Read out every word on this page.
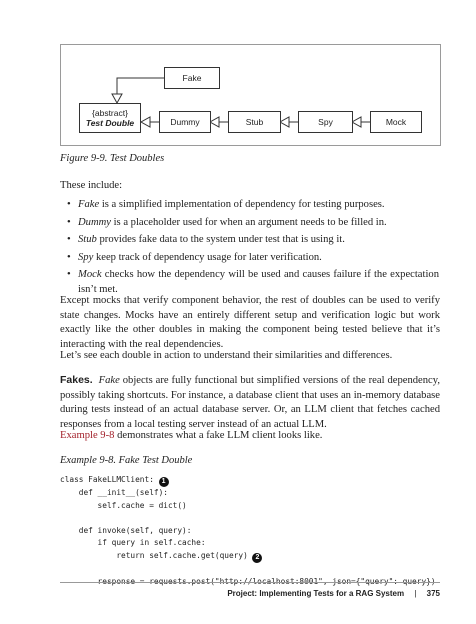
Fake
{abstract}
Test Double	Dummy	Stub	Spy	Mock
Figure 9-9. Test Doubles
These include:
• Fake is a simplified implementation of dependency for testing purposes.
• Dummy is a placeholder used for when an argument needs to be filled in.
• Stub provides fake data to the system under test that is using it.
• Spy keep track of dependency usage for later verification.
• Mock checks how the dependency will be used and causes failure if the expectation isn’t met.
Except mocks that verify component behavior, the rest of doubles can be used to verify state changes. Mocks have an entirely different setup and verification logic but work exactly like the other doubles in making the component being tested believe that it’s interacting with the real dependencies.
Let’s see each double in action to understand their similarities and differences.
Fakes. Fake objects are fully functional but simplified versions of the real dependency, possibly taking shortcuts. For instance, a database client that uses an in-memory database during tests instead of an actual database server. Or, an LLM client that fetches cached responses from a local testing server instead of an actual LLM.
Example 9-8 demonstrates what a fake LLM client looks like.
Example 9-8. Fake Test Double
class FakeLLMClient: 1
def __init__(self):
self.cache = dict()

def invoke(self, query):
if query in self.cache:
return self.cache.get(query) 2

response = requests.post("http://localhost:8001", json={"query": query})
Project: Implementing Tests for a RAG System | 375
